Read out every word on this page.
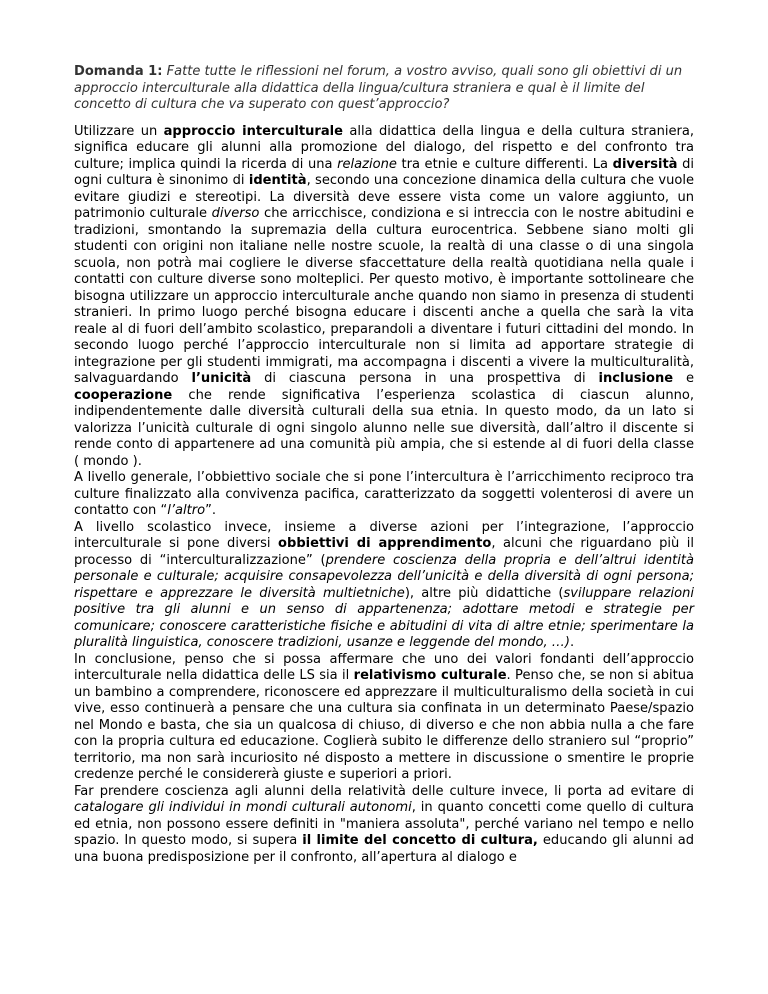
Domanda 1: Fatte tutte le riflessioni nel forum, a vostro avviso, quali sono gli obiettivi di un approccio interculturale alla didattica della lingua/cultura straniera e qual è il limite del concetto di cultura che va superato con quest’approccio?

Utilizzare un approccio interculturale alla didattica della lingua e della cultura straniera, significa educare gli alunni alla promozione del dialogo, del rispetto e del confronto tra culture; implica quindi la ricerda di una relazione tra etnie e culture differenti. La diversità di ogni cultura è sinonimo di identità, secondo una concezione dinamica della cultura che vuole evitare giudizi e stereotipi. La diversità deve essere vista come un valore aggiunto, un patrimonio culturale diverso che arricchisce, condiziona e si intreccia con le nostre abitudini e tradizioni, smontando la supremazia della cultura eurocentrica. Sebbene siano molti gli studenti con origini non italiane nelle nostre scuole, la realtà di una classe o di una singola scuola, non potrà mai cogliere le diverse sfaccettature della realtà quotidiana nella quale i contatti con culture diverse sono molteplici. Per questo motivo, è importante sottolineare che bisogna utilizzare un approccio interculturale anche quando non siamo in presenza di studenti stranieri. In primo luogo perché bisogna educare i discenti anche a quella che sarà la vita reale al di fuori dell’ambito scolastico, preparandoli a diventare i futuri cittadini del mondo. In secondo luogo perché l’approccio interculturale non si limita ad apportare strategie di integrazione per gli studenti immigrati, ma accompagna i discenti a vivere la multiculturalità, salvaguardando l’unicità di ciascuna persona in una prospettiva di inclusione e cooperazione che rende significativa l’esperienza scolastica di ciascun alunno, indipendentemente dalle diversità culturali della sua etnia. In questo modo, da un lato si valorizza l’unicità culturale di ogni singolo alunno nelle sue diversità, dall’altro il discente si rende conto di appartenere ad una comunità più ampia, che si estende al di fuori della classe ( mondo ).

A livello generale, l’obbiettivo sociale che si pone l’intercultura è l’arricchimento reciproco tra culture finalizzato alla convivenza pacifica, caratterizzato da soggetti volenterosi di avere un contatto con “l’altro”.

A livello scolastico invece, insieme a diverse azioni per l’integrazione, l’approccio interculturale si pone diversi obbiettivi di apprendimento, alcuni che riguardano più il processo di “interculturalizzazione” (prendere coscienza della propria e dell’altrui identità personale e culturale; acquisire consapevolezza dell’unicità e della diversità di ogni persona; rispettare e apprezzare le diversità multietniche), altre più didattiche (sviluppare relazioni positive tra gli alunni e un senso di appartenenza; adottare metodi e strategie per comunicare; conoscere caratteristiche fisiche e abitudini di vita di altre etnie; sperimentare la pluralità linguistica, conoscere tradizioni, usanze e leggende del mondo, …).

In conclusione, penso che si possa affermare che uno dei valori fondanti dell’approccio interculturale nella didattica delle LS sia il relativismo culturale. Penso che, se non si abitua un bambino a comprendere, riconoscere ed apprezzare il multiculturalismo della società in cui vive, esso continuerà a pensare che una cultura sia confinata in un determinato Paese/spazio nel Mondo e basta, che sia un qualcosa di chiuso, di diverso e che non abbia nulla a che fare con la propria cultura ed educazione. Coglierà subito le differenze dello straniero sul “proprio” territorio, ma non sarà incuriosito né disposto a mettere in discussione o smentire le proprie credenze perché le considererà giuste e superiori a priori.

Far prendere coscienza agli alunni della relatività delle culture invece, li porta ad evitare di catalogare gli individui in mondi culturali autonomi, in quanto concetti come quello di cultura ed etnia, non possono essere definiti in "maniera assoluta", perché variano nel tempo e nello spazio. In questo modo, si supera il limite del concetto di cultura, educando gli alunni ad una buona predisposizione per il confronto, all’apertura al dialogo e
